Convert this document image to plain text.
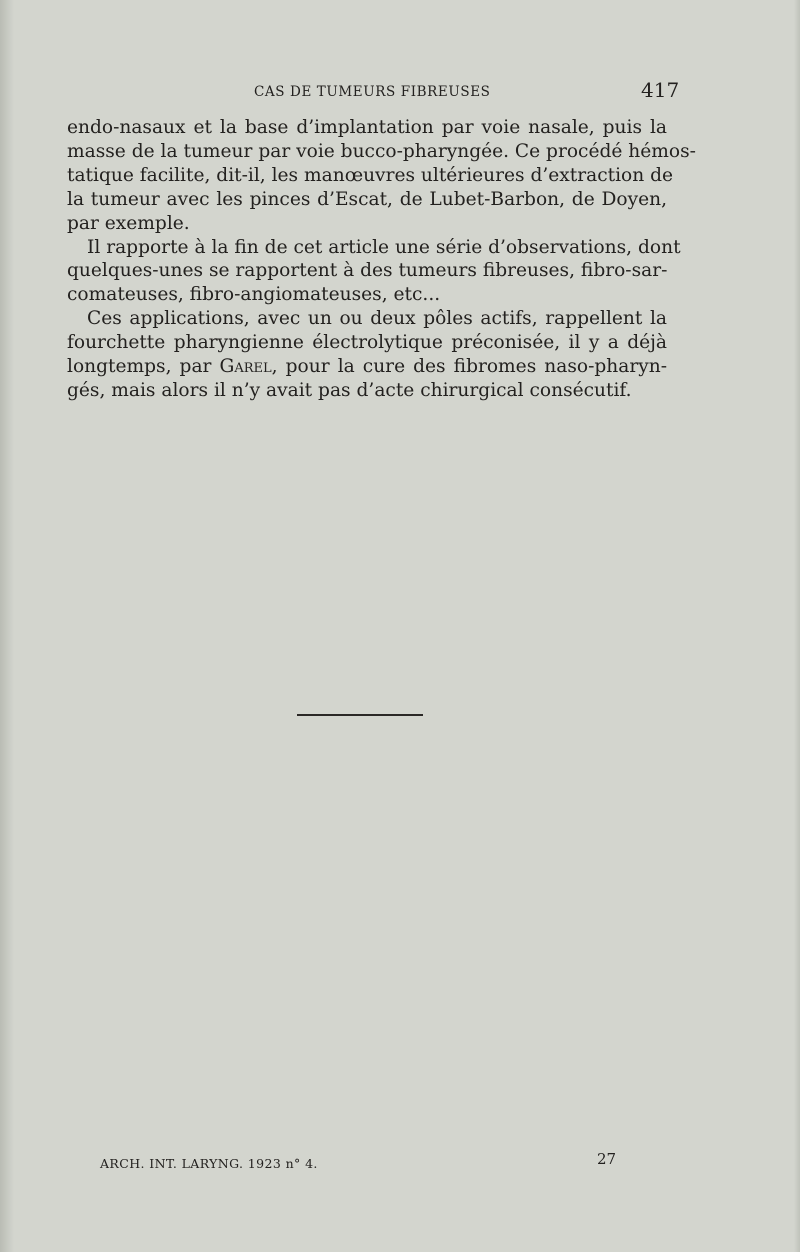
CAS DE TUMEURS FIBREUSES	417
endo-nasaux et la base d’implantation par voie nasale, puis la
masse de la tumeur par voie bucco-pharyngée. Ce procédé hémos-
tatique facilite, dit-il, les manœuvres ultérieures d’extraction de
la tumeur avec les pinces d’Escat, de Lubet-Barbon, de Doyen,
par exemple.
Il rapporte à la fin de cet article une série d’observations, dont
quelques-unes se rapportent à des tumeurs fibreuses, fibro-sar-
comateuses, fibro-angiomateuses, etc...
Ces applications, avec un ou deux pôles actifs, rappellent la
fourchette pharyngienne électrolytique préconisée, il y a déjà
longtemps, par Garel, pour la cure des fibromes naso-pharyn-
gés, mais alors il n’y avait pas d’acte chirurgical consécutif.
ARCH. INT. LARYNG. 1923 n° 4.	27
